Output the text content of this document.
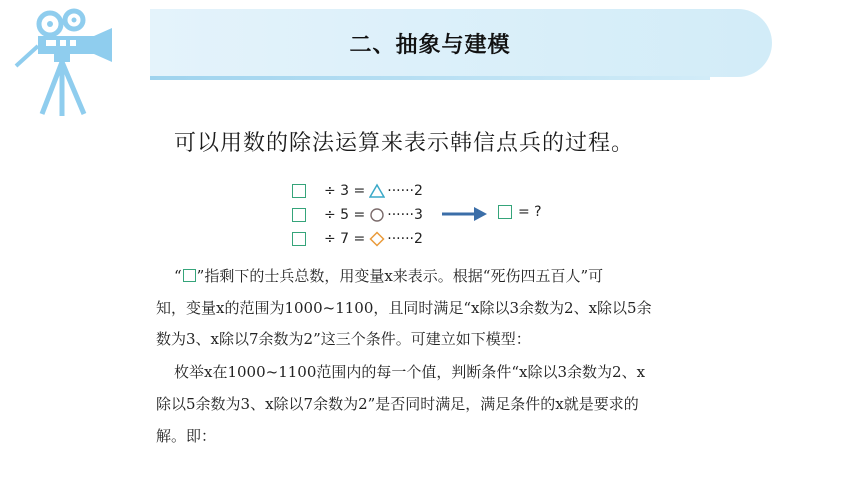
二、抽象与建模
可以用数的除法运算来表示韩信点兵的过程。
÷ 3 = ······2
÷ 5 = ······3
÷ 7 = ······2
= ?
“ ”指剩下的士兵总数，用变量x来表示。根据“死伤四五百人”可
知，变量x的范围为1000~1100，且同时满足“x除以3余数为2、x除以5余
数为3、x除以7余数为2”这三个条件。可建立如下模型：
枚举x在1000~1100范围内的每一个值，判断条件“x除以3余数为2、x
除以5余数为3、x除以7余数为2”是否同时满足，满足条件的x就是要求的
解。即：
